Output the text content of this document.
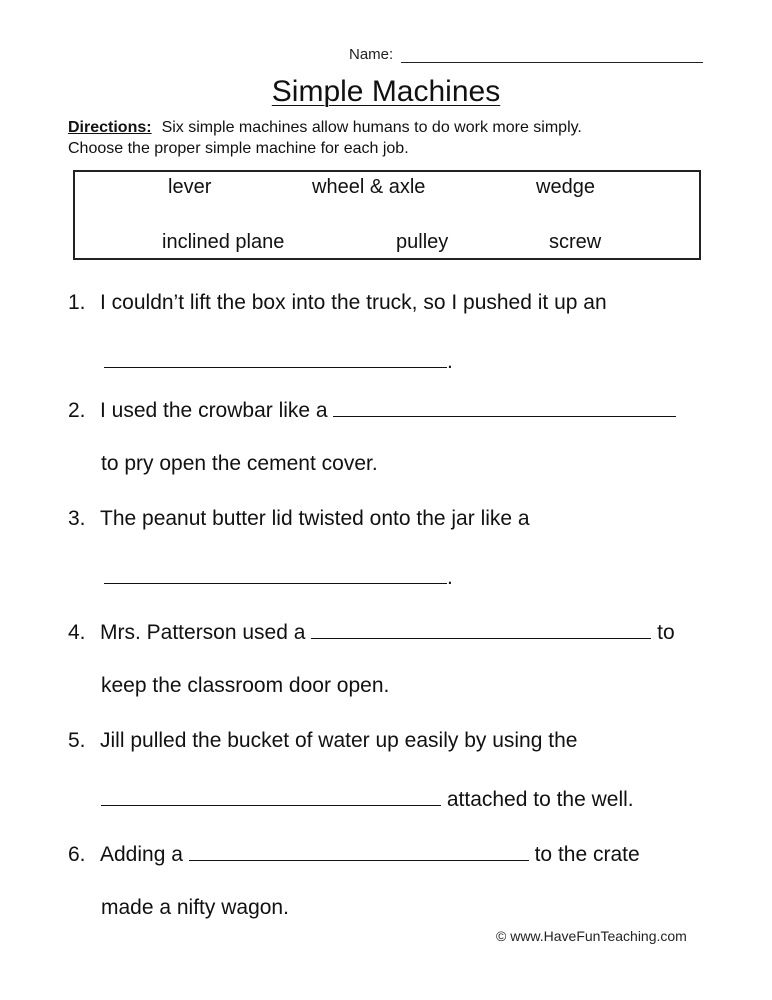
Name:
Simple Machines
Directions: Six simple machines allow humans to do work more simply.
Choose the proper simple machine for each job.
lever	wheel & axle	wedge
inclined plane	pulley	screw
1. I couldn’t lift the box into the truck, so I pushed it up an
.
2. I used the crowbar like a
to pry open the cement cover.
3. The peanut butter lid twisted onto the jar like a
.
4. Mrs. Patterson used a	to
keep the classroom door open.
5. Jill pulled the bucket of water up easily by using the
attached to the well.
6. Adding a	to the crate
made a nifty wagon.
© www.HaveFunTeaching.com
